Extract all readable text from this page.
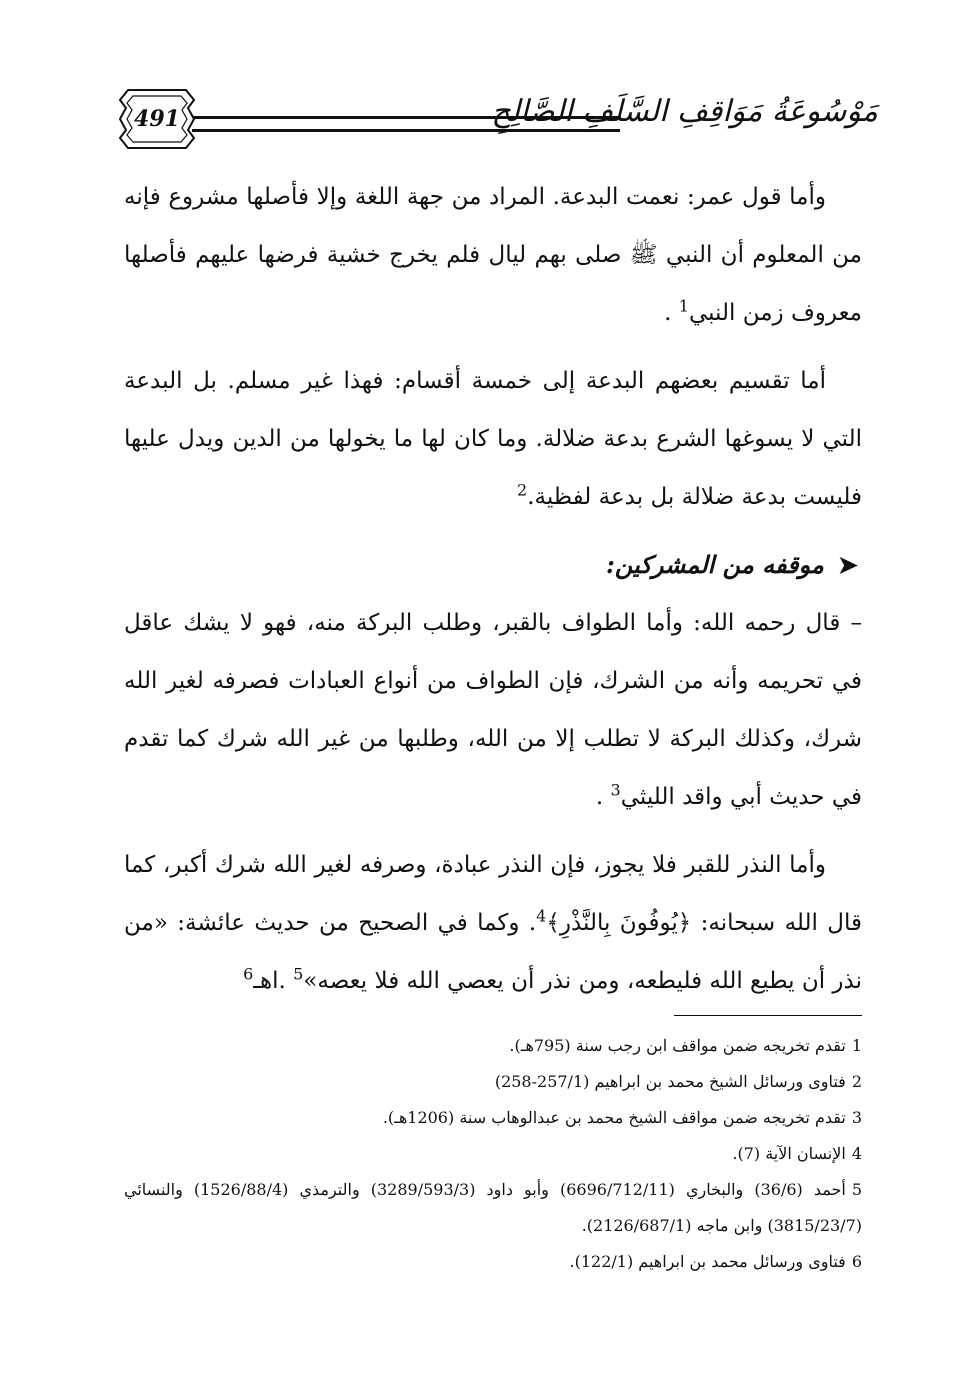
مَوْسُوعَةُ مَوَاقِفِ السَّلَفِ الصَّالِحِ
491

وأما قول عمر: نعمت البدعة. المراد من جهة اللغة وإلا فأصلها مشروع فإنه من المعلوم أن النبي ﷺ صلى بهم ليال فلم يخرج خشية فرضها عليهم فأصلها معروف زمن النبي$^1$ .

أما تقسيم بعضهم البدعة إلى خمسة أقسام: فهذا غير مسلم. بل البدعة التي لا يسوغها الشرع بدعة ضلالة. وما كان لها ما يخولها من الدين ويدل عليها فليست بدعة ضلالة بل بدعة لفظية.$^2$

➤موقفه من المشركين:

– قال رحمه الله: وأما الطواف بالقبر، وطلب البركة منه، فهو لا يشك عاقل في تحريمه وأنه من الشرك، فإن الطواف من أنواع العبادات فصرفه لغير الله شرك، وكذلك البركة لا تطلب إلا من الله، وطلبها من غير الله شرك كما تقدم في حديث أبي واقد الليثي$^3$ .

وأما النذر للقبر فلا يجوز، فإن النذر عبادة، وصرفه لغير الله شرك أكبر، كما قال الله سبحانه: ﴿يُوفُونَ بِالنَّذْرِ﴾$^4$. وكما في الصحيح من حديث عائشة: «من نذر أن يطيع الله فليطعه، ومن نذر أن يعصي الله فلا يعصه»$^5$ .اهـ$^6$

1تقدم تخريجه ضمن مواقف ابن رجب سنة (795هـ).

2فتاوى ورسائل الشيخ محمد بن ابراهيم (257/1-258)

3تقدم تخريجه ضمن مواقف الشيخ محمد بن عبدالوهاب سنة (1206هـ).

4الإنسان الآية (7).

5أحمد (36/6) والبخاري (6696/712/11) وأبو داود (3289/593/3) والترمذي (1526/88/4) والنسائي (3815/23/7) وابن ماجه (2126/687/1).

6فتاوى ورسائل محمد بن ابراهيم (122/1).
